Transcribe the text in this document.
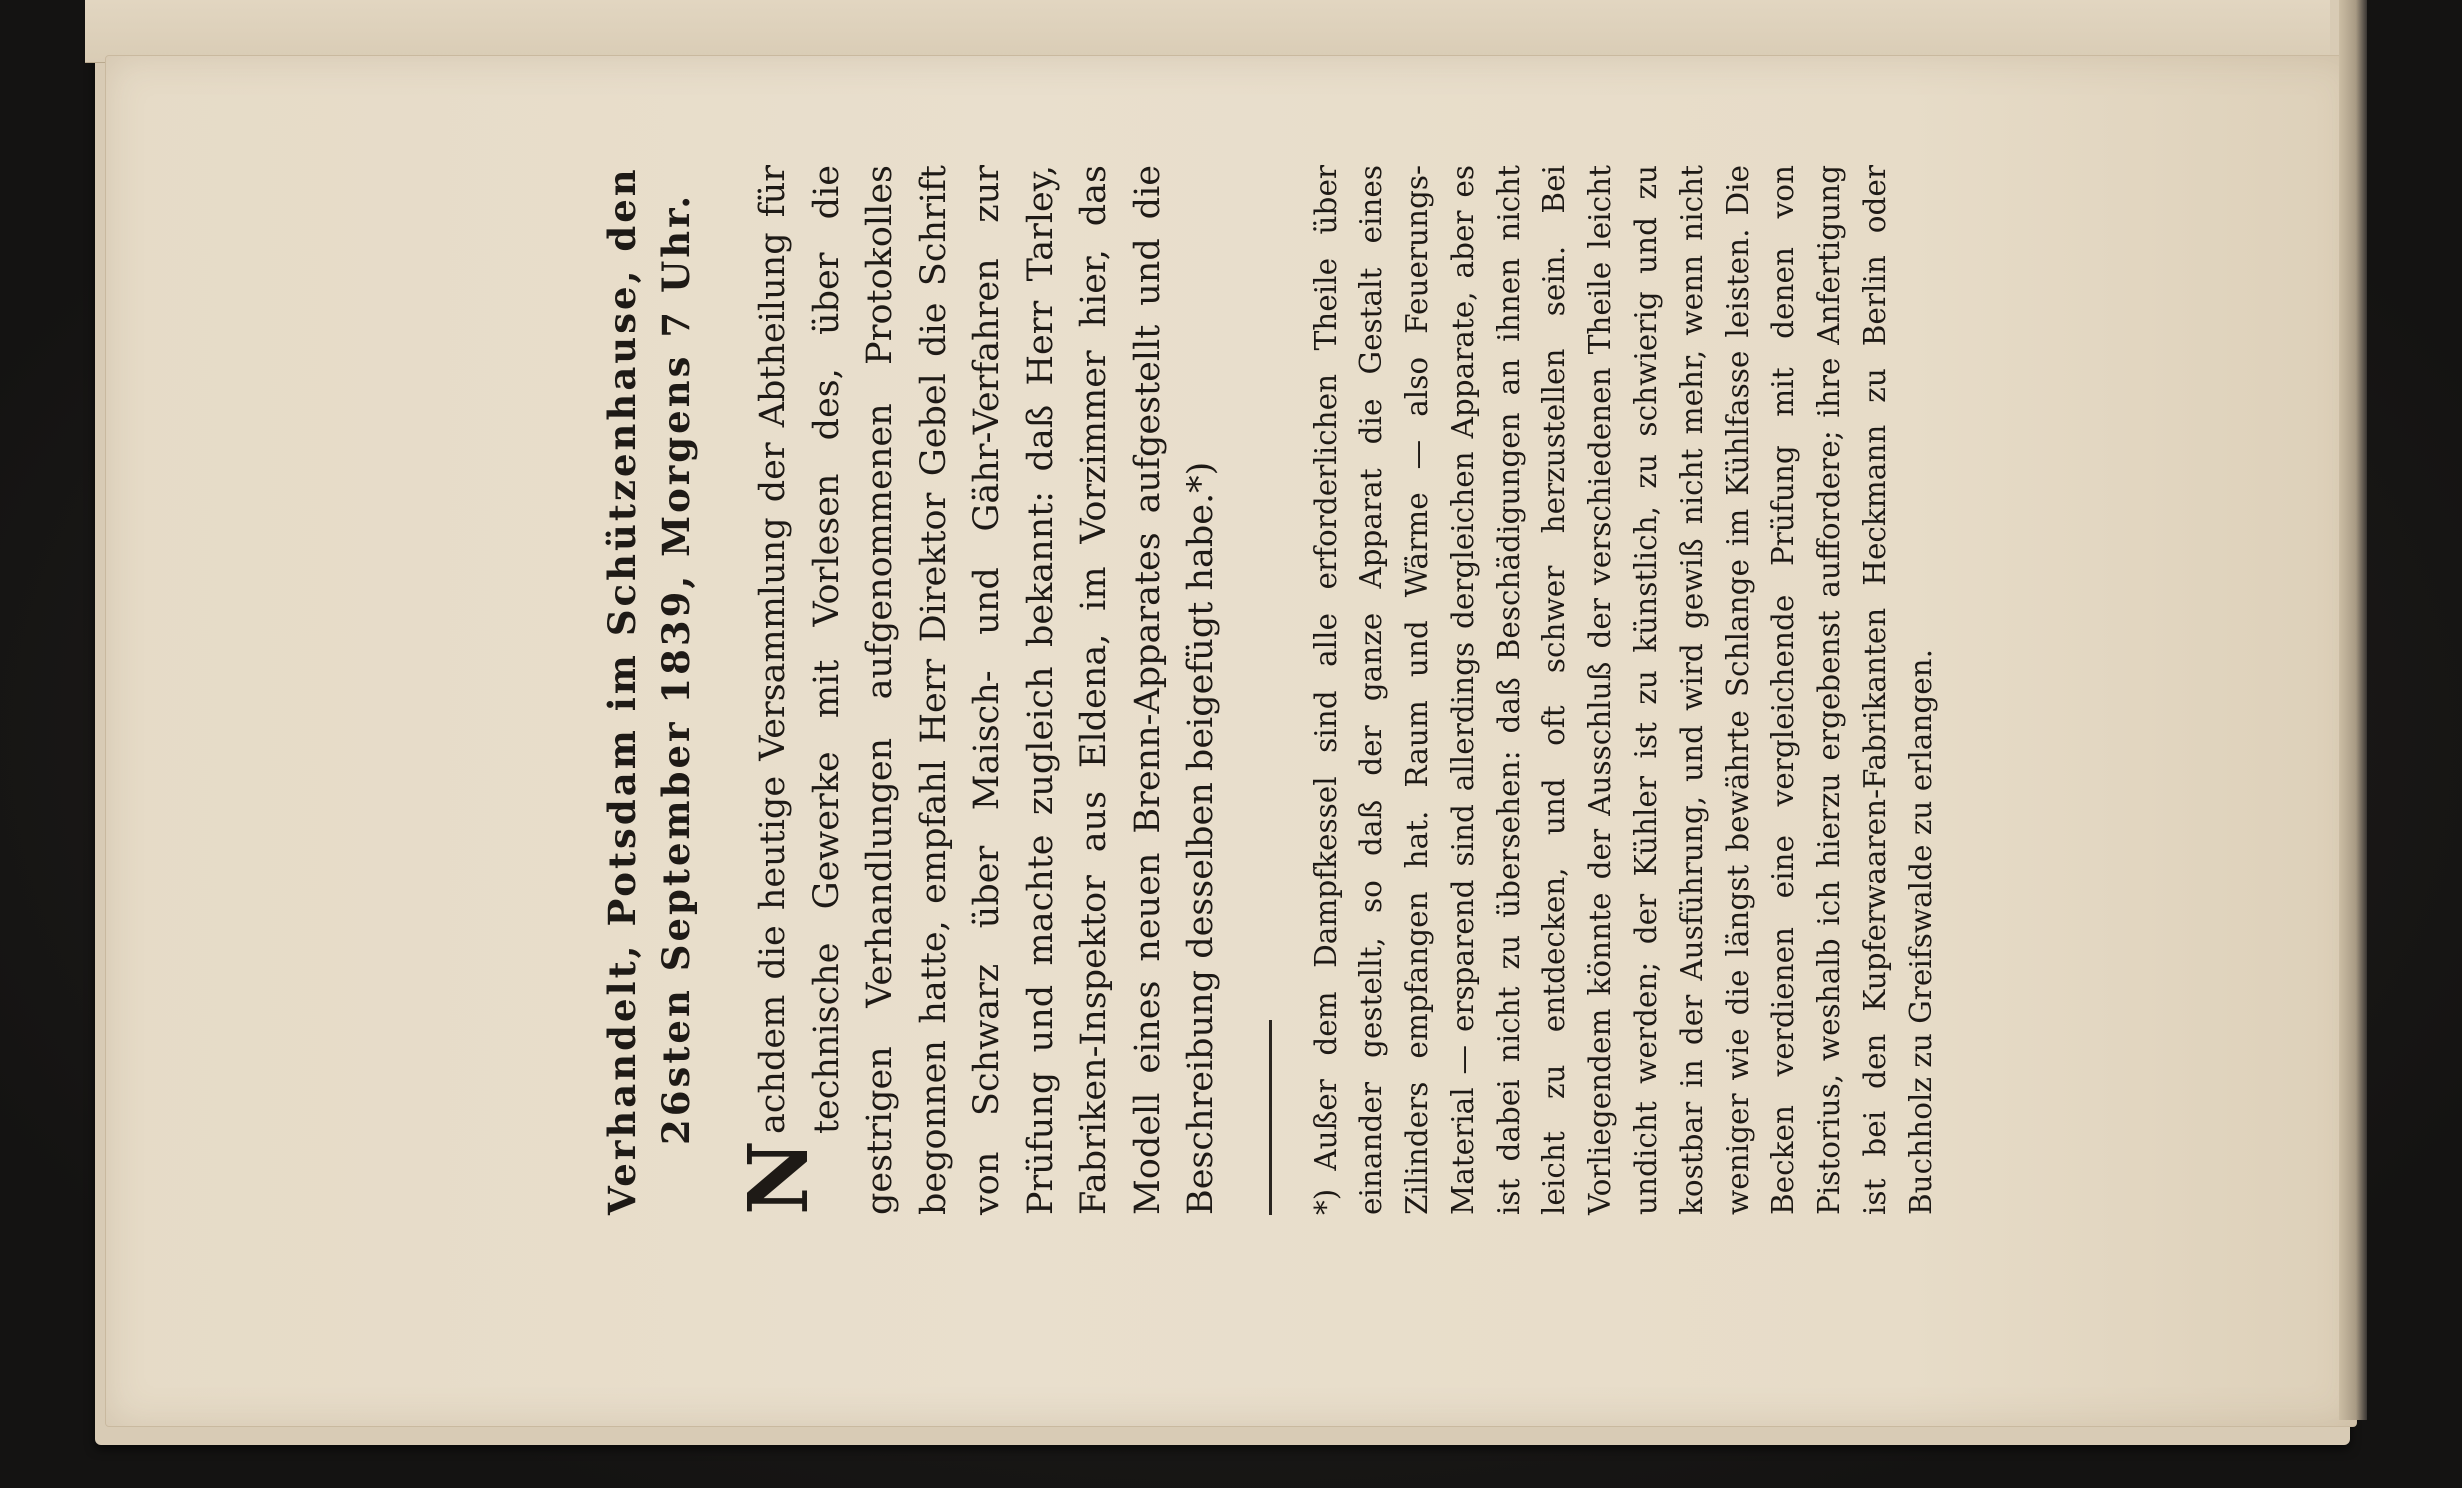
Verhandelt, Potsdam im Schützenhause, den 26sten September 1839, Morgens 7 Uhr.

N
achdem die heutige Versammlung der Abtheilung für technische Gewerke mit Vorlesen des, über die gestrigen Verhandlungen aufgenommenen Protokolles begonnen hatte, empfahl Herr Direktor Gebel die Schrift von Schwarz über Maisch- und Gähr-Verfahren zur Prüfung und machte zugleich bekannt: daß Herr Tarley, Fabriken-Inspektor aus Eldena, im Vorzimmer hier, das Modell eines neuen Brenn-Apparates aufgestellt und die Beschreibung desselben beigefügt habe.*)	*)Außer dem Dampfkessel sind alle erforderlichen Theile über einander gestellt, so daß der ganze Apparat die Gestalt eines Zilinders empfangen hat. Raum und Wärme — also Feuerungs-Material — ersparend sind allerdings dergleichen Apparate, aber es ist dabei nicht zu übersehen: daß Beschädigungen an ihnen nicht leicht zu entdecken, und oft schwer herzustellen sein. Bei Vorliegendem könnte der Ausschluß der verschiedenen Theile leicht undicht werden; der Kühler ist zu künstlich, zu schwierig und zu kostbar in der Ausführung, und wird gewiß nicht mehr, wenn nicht weniger wie die längst bewährte Schlange im Kühlfasse leisten. Die Becken verdienen eine vergleichende Prüfung mit denen von Pistorius, weshalb ich hierzu ergebenst auffordere; ihre Anfertigung ist bei den Kupferwaaren-Fabrikanten Heckmann zu Berlin oder Buchholz zu Greifswalde zu erlangen.
